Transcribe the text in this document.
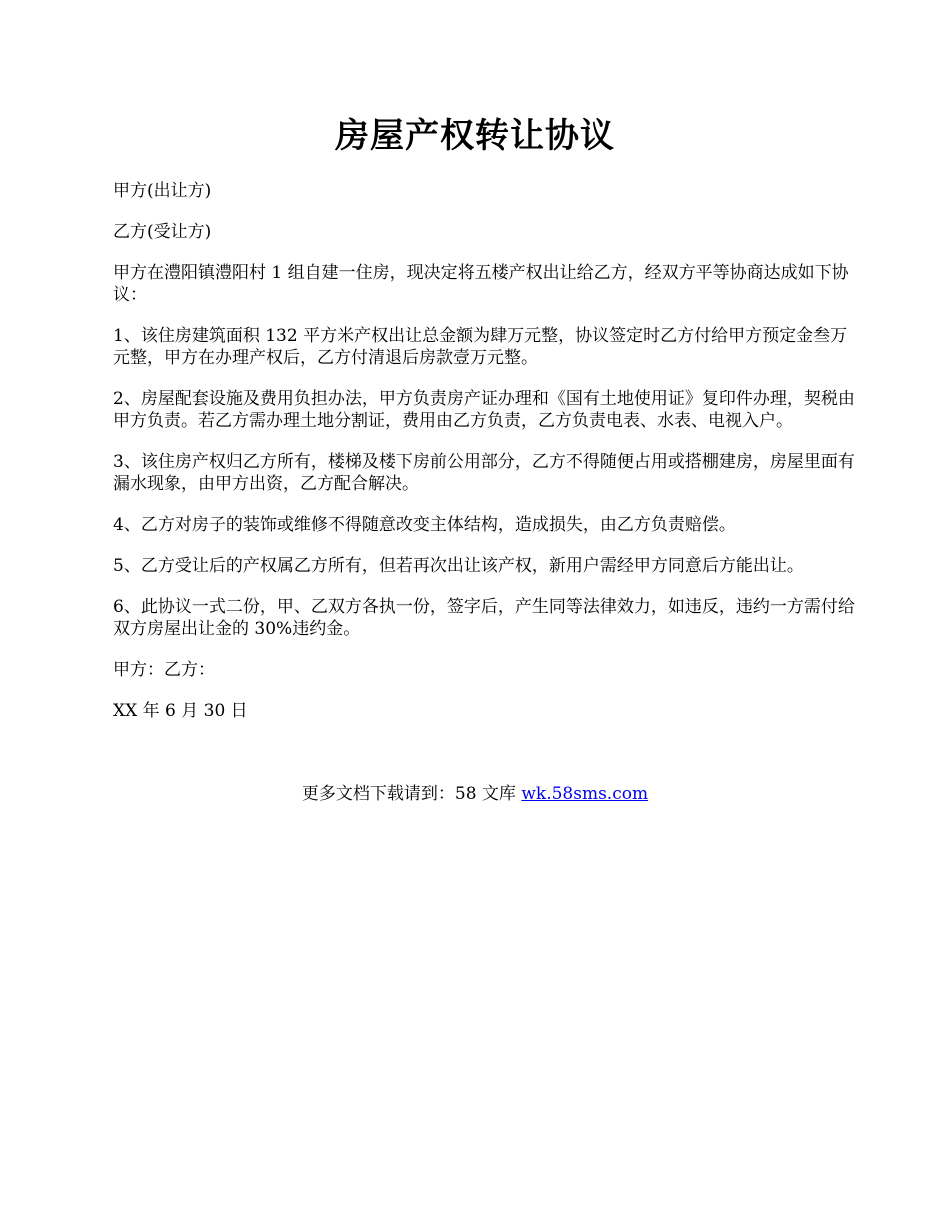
房屋产权转让协议

甲方(出让方)

乙方(受让方)

甲方在澧阳镇澧阳村 1 组自建一住房，现决定将五楼产权出让给乙方，经双方平等协商达成如下协议：

1、该住房建筑面积 132 平方米产权出让总金额为肆万元整，协议签定时乙方付给甲方预定金叁万元整，甲方在办理产权后，乙方付清退后房款壹万元整。

2、房屋配套设施及费用负担办法，甲方负责房产证办理和《国有土地使用证》复印件办理，契税由甲方负责。若乙方需办理土地分割证，费用由乙方负责，乙方负责电表、水表、电视入户。

3、该住房产权归乙方所有，楼梯及楼下房前公用部分，乙方不得随便占用或搭棚建房，房屋里面有漏水现象，由甲方出资，乙方配合解决。

4、乙方对房子的装饰或维修不得随意改变主体结构，造成损失，由乙方负责赔偿。

5、乙方受让后的产权属乙方所有，但若再次出让该产权，新用户需经甲方同意后方能出让。

6、此协议一式二份，甲、乙双方各执一份，签字后，产生同等法律效力，如违反，违约一方需付给双方房屋出让金的 30%违约金。

甲方：乙方：

XX 年 6 月 30 日

更多文档下载请到：58 文库 wk.58sms.com
